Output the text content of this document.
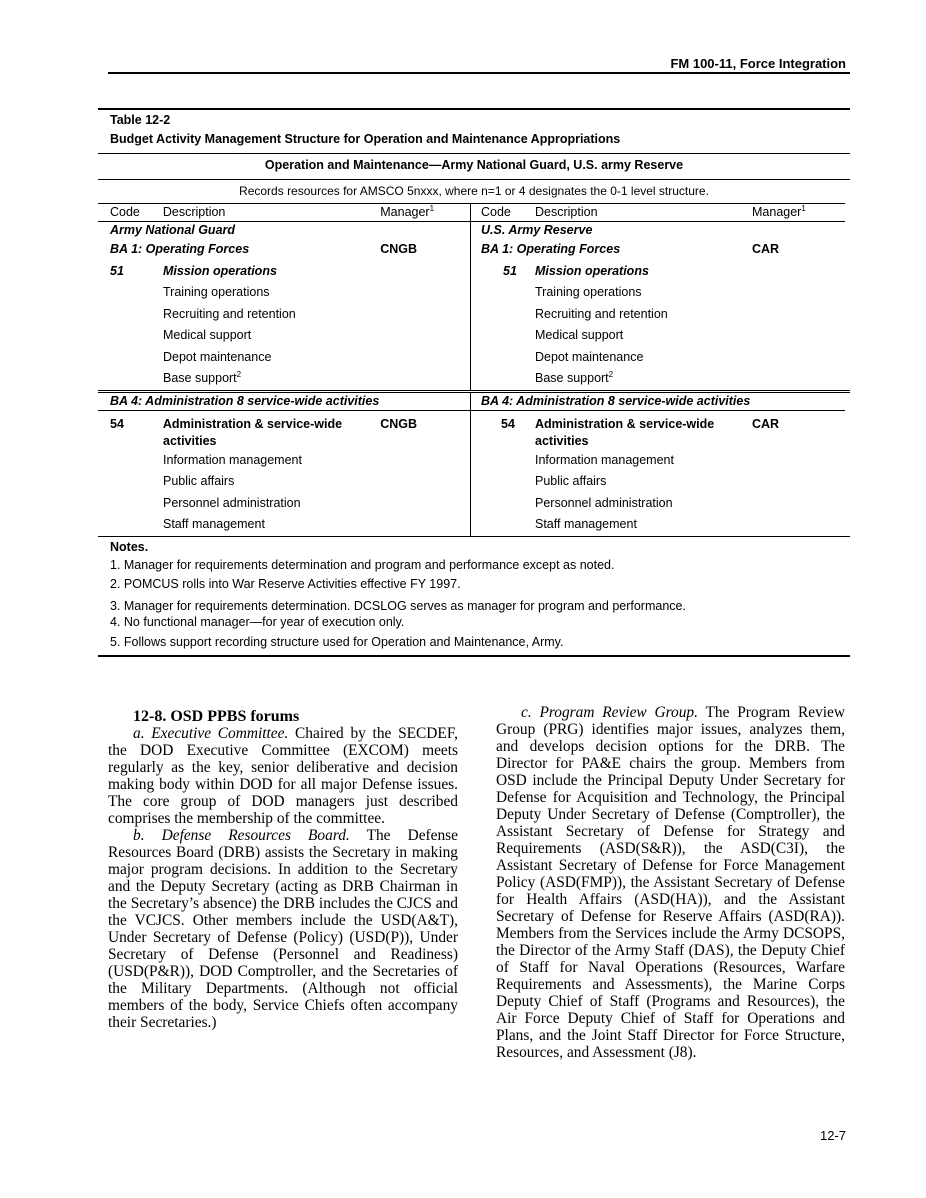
FM 100-11, Force Integration
Table 12-2
Budget Activity Management Structure for Operation and Maintenance Appropriations
Operation and Maintenance—Army National Guard, U.S. army Reserve
Records resources for AMSCO 5nxxx, where n=1 or 4 designates the 0-1 level structure.
Code	Description	Manager$^1$
Army National Guard
BA 1: Operating Forces	CNGB
51	Mission operations
Training operations
Recruiting and retention
Medical support
Depot maintenance
Base support$^2$
Code	Description	Manager$^1$
U.S. Army Reserve
BA 1: Operating Forces	CAR
51	Mission operations
Training operations
Recruiting and retention
Medical support
Depot maintenance
Base support$^2$
BA 4: Administration 8 service-wide activities
54	Administration & service-wide	CNGB
activities
Information management
Public affairs
Personnel administration
Staff management
BA 4: Administration 8 service-wide activities
54	Administration & service-wide	CAR
activities
Information management
Public affairs
Personnel administration
Staff management
Notes.
1. Manager for requirements determination and program and performance except as noted.
2. POMCUS rolls into War Reserve Activities effective FY 1997.
3. Manager for requirements determination. DCSLOG serves as manager for program and performance.
4. No functional manager—for year of execution only.
5. Follows support recording structure used for Operation and Maintenance, Army.

12-8. OSD PPBS forums

a. Executive Committee. Chaired by the SECDEF, the DOD Executive Committee (EXCOM) meets regularly as the key, senior deliberative and decision making body within DOD for all major Defense issues. The core group of DOD managers just described comprises the membership of the committee.

b. Defense Resources Board. The Defense Resources Board (DRB) assists the Secretary in making major program decisions. In addition to the Secretary and the Deputy Secretary (acting as DRB Chairman in the Secretary’s absence) the DRB includes the CJCS and the VCJCS. Other members include the USD(A&T), Under Secretary of Defense (Policy) (USD(P)), Under Secretary of Defense (Personnel and Readiness) (USD(P&R)), DOD Comptroller, and the Secretaries of the Military Departments. (Although not official members of the body, Service Chiefs often accompany their Secretaries.)

c. Program Review Group. The Program Review Group (PRG) identifies major issues, analyzes them, and develops decision options for the DRB. The Director for PA&E chairs the group. Members from OSD include the Principal Deputy Under Secretary for Defense for Acquisition and Technology, the Principal Deputy Under Secretary of Defense (Comptroller), the Assistant Secretary of Defense for Strategy and Requirements (ASD(S&R)), the ASD(C3I), the Assistant Secretary of Defense for Force Management Policy (ASD(FMP)), the Assistant Secretary of Defense for Health Affairs (ASD(HA)), and the Assistant Secretary of Defense for Reserve Affairs (ASD(RA)). Members from the Services include the Army DCSOPS, the Director of the Army Staff (DAS), the Deputy Chief of Staff for Naval Operations (Resources, Warfare Requirements and Assessments), the Marine Corps Deputy Chief of Staff (Programs and Resources), the Air Force Deputy Chief of Staff for Operations and Plans, and the Joint Staff Director for Force Structure, Resources, and Assessment (J8).

12-7
